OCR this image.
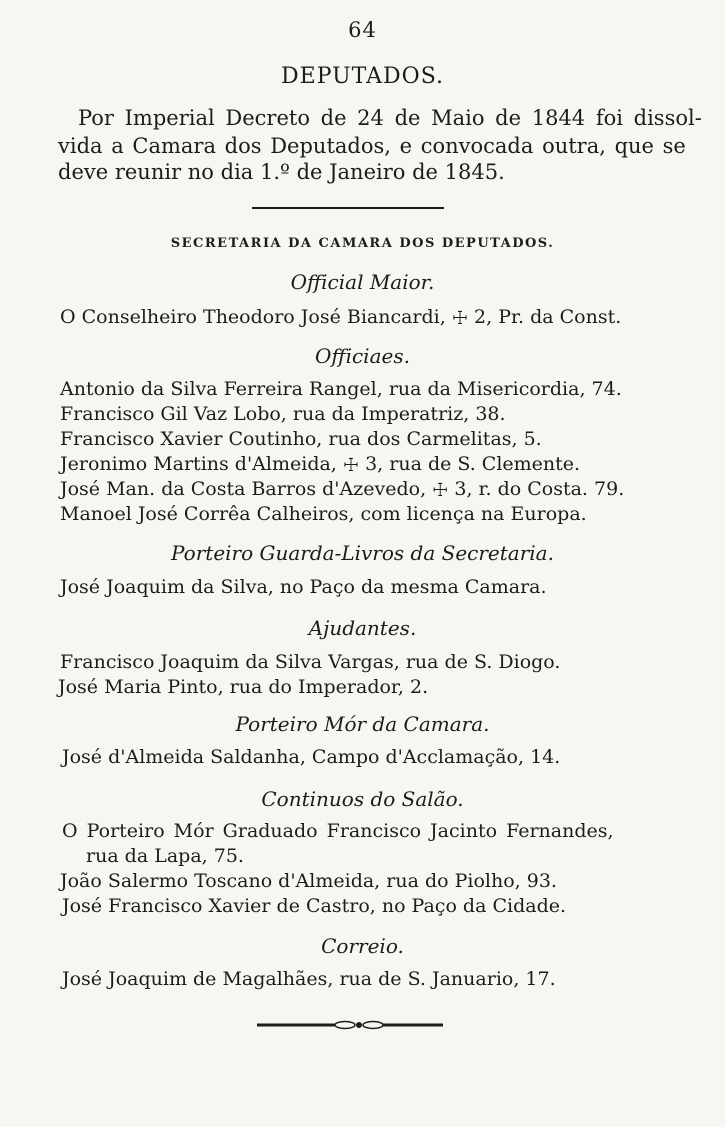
64
DEPUTADOS.
Por Imperial Decreto de 24 de Maio de 1844 foi dissol-
vida a Camara dos Deputados, e convocada outra, que se
deve reunir no dia 1.º de Janeiro de 1845.
SECRETARIA DA CAMARA DOS DEPUTADOS.
Official Maior.
O Conselheiro Theodoro José Biancardi, ☩ 2, Pr. da Const.
Officiaes.
Antonio da Silva Ferreira Rangel, rua da Misericordia, 74.
Francisco Gil Vaz Lobo, rua da Imperatriz, 38.
Francisco Xavier Coutinho, rua dos Carmelitas, 5.
Jeronimo Martins d'Almeida, ☩ 3, rua de S. Clemente.
José Man. da Costa Barros d'Azevedo, ☩ 3, r. do Costa. 79.
Manoel José Corrêa Calheiros, com licença na Europa.
Porteiro Guarda-Livros da Secretaria.
José Joaquim da Silva, no Paço da mesma Camara.
Ajudantes.
Francisco Joaquim da Silva Vargas, rua de S. Diogo.
José Maria Pinto, rua do Imperador, 2.
Porteiro Mór da Camara.
José d'Almeida Saldanha, Campo d'Acclamação, 14.
Continuos do Salão.
O Porteiro Mór Graduado Francisco Jacinto Fernandes,
rua da Lapa, 75.
João Salermo Toscano d'Almeida, rua do Piolho, 93.
José Francisco Xavier de Castro, no Paço da Cidade.
Correio.
José Joaquim de Magalhães, rua de S. Januario, 17.
